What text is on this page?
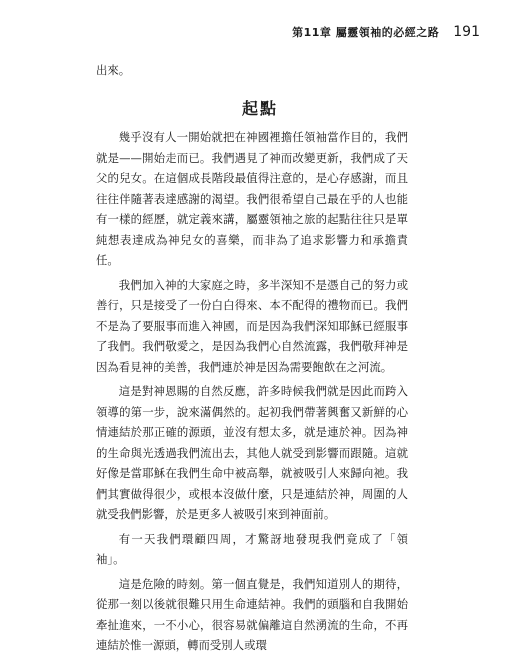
第11章 屬靈領袖的必經之路 191
出來。
起點

幾乎沒有人一開始就把在神國裡擔任領袖當作目的，我們就是——開始走而已。我們遇見了神而改變更新，我們成了天父的兒女。在這個成長階段最值得注意的，是心存感謝，而且往往伴隨著表達感謝的渴望。我們很希望自己最在乎的人也能有一樣的經歷，就定義來講，屬靈領袖之旅的起點往往只是單純想表達成為神兒女的喜樂，而非為了追求影響力和承擔責任。

我們加入神的大家庭之時，多半深知不是憑自己的努力或善行，只是接受了一份白白得來、本不配得的禮物而已。我們不是為了要服事而進入神國，而是因為我們深知耶穌已經服事了我們。我們敬愛之，是因為我們心自然流露，我們敬拜神是因為看見神的美善，我們連於神是因為需要飽飲在之河流。

這是對神恩賜的自然反應，許多時候我們就是因此而跨入領導的第一步，說來滿偶然的。起初我們帶著興奮又新鮮的心情連結於那正確的源頭，並沒有想太多，就是連於神。因為神的生命與光透過我們流出去，其他人就受到影響而跟隨。這就好像是當耶穌在我們生命中被高舉，就被吸引人來歸向祂。我們其實做得很少，或根本沒做什麼，只是連結於神，周圍的人就受我們影響，於是更多人被吸引來到神面前。

有一天我們環顧四周，才驚訝地發現我們竟成了「領袖」。

這是危險的時刻。第一個直覺是，我們知道別人的期待，從那一刻以後就很難只用生命連結神。我們的頭腦和自我開始牽扯進來，一不小心，很容易就偏離這自然湧流的生命，不再連結於惟一源頭，轉而受別人或環
